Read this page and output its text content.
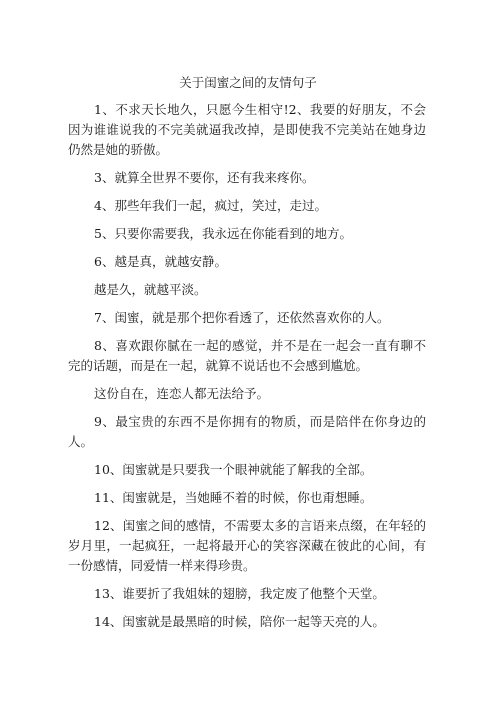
关于闺蜜之间的友情句子

1、不求天长地久，只愿今生相守!2、我要的好朋友，不会因为谁谁说我的不完美就逼我改掉，是即使我不完美站在她身边仍然是她的骄傲。

3、就算全世界不要你，还有我来疼你。

4、那些年我们一起，疯过，笑过，走过。

5、只要你需要我，我永远在你能看到的地方。

6、越是真，就越安静。

越是久，就越平淡。

7、闺蜜，就是那个把你看透了，还依然喜欢你的人。

8、喜欢跟你腻在一起的感觉，并不是在一起会一直有聊不完的话题，而是在一起，就算不说话也不会感到尴尬。

这份自在，连恋人都无法给予。

9、最宝贵的东西不是你拥有的物质，而是陪伴在你身边的人。

10、闺蜜就是只要我一个眼神就能了解我的全部。

11、闺蜜就是，当她睡不着的时候，你也甭想睡。

12、闺蜜之间的感情，不需要太多的言语来点缀，在年轻的岁月里，一起疯狂，一起将最开心的笑容深藏在彼此的心间，有一份感情，同爱情一样来得珍贵。

13、谁要折了我姐妹的翅膀，我定废了他整个天堂。

14、闺蜜就是最黑暗的时候，陪你一起等天亮的人。
